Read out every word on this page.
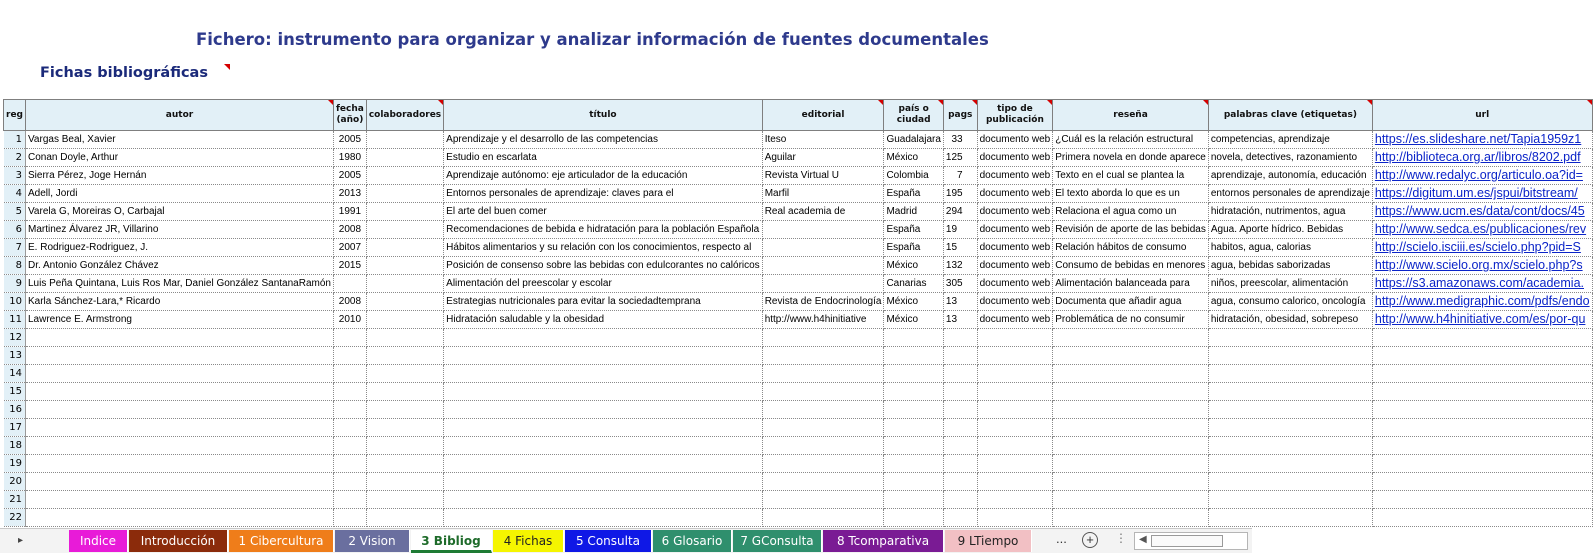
Fichero: instrumento para organizar y analizar información de fuentes documentales
Fichas bibliográficas
reg	autor	fecha (año)	colaboradores	título	editorial	país o ciudad	pags	tipo de publicación	reseña	palabras clave (etiquetas)	url

1	Vargas Beal, Xavier	2005		Aprendizaje y el desarrollo de las competencias	Iteso	Guadalajara	33	documento web	¿Cuál es la relación estructural	competencias, aprendizaje	https://es.slideshare.net/Tapia1959z1
2	Conan Doyle, Arthur	1980		Estudio en escarlata	Aguilar	México	125	documento web	Primera novela en donde aparece	novela, detectives, razonamiento	http://biblioteca.org.ar/libros/8202.pdf
3	Sierra Pérez, Joge Hernán	2005		Aprendizaje autónomo: eje articulador de la educación	Revista Virtual U	Colombia	7	documento web	Texto en el cual se plantea la	aprendizaje, autonomía, educación	http://www.redalyc.org/articulo.oa?id=
4	Adell, Jordi	2013		Entornos personales de aprendizaje: claves para el	Marfil	España	195	documento web	El texto aborda lo que es un	entornos personales de aprendizaje	https://digitum.um.es/jspui/bitstream/
5	Varela G, Moreiras O, Carbajal	1991		El arte del buen comer	Real academia de	Madrid	294	documento web	Relaciona el agua como un	hidratación, nutrimentos, agua	https://www.ucm.es/data/cont/docs/45
6	Martinez Álvarez JR, Villarino	2008		Recomendaciones de bebida e hidratación para la población Española		España	19	documento web	Revisión de aporte de las bebidas	Agua. Aporte hídrico. Bebidas	http://www.sedca.es/publicaciones/rev
7	E. Rodriguez-Rodriguez, J.	2007		Hábitos alimentarios y su relación con los conocimientos, respecto al		España	15	documento web	Relación hábitos de consumo	habitos, agua, calorias	http://scielo.isciii.es/scielo.php?pid=S
8	Dr. Antonio González Chávez	2015		Posición de consenso sobre las bebidas con edulcorantes no calóricos		México	132	documento web	Consumo de bebidas en menores	agua, bebidas saborizadas	http://www.scielo.org.mx/scielo.php?s
9	Luis Peña Quintana, Luis Ros Mar, Daniel González SantanaRamón			Alimentación del preescolar y escolar		Canarias	305	documento web	Alimentación balanceada para	niños, preescolar, alimentación	https://s3.amazonaws.com/academia.
10	Karla Sánchez-Lara,* Ricardo	2008		Estrategias nutricionales para evitar la sociedadtemprana	Revista de Endocrinología	México	13	documento web	Documenta que añadir agua	agua, consumo calorico, oncología	http://www.medigraphic.com/pdfs/endo
11	Lawrence E. Armstrong	2010		Hidratación saludable y la obesidad	http://www.h4hinitiative	México	13	documento web	Problemática de no consumir	hidratación, obesidad, sobrepeso	http://www.h4hinitiative.com/es/por-qu
12											
13											
14											
15											
16											
17											
18											
19											
20											
21											
22											
▸	Indice	Introducción	1 Cibercultura	2 Vision	3 Bibliog	4 Fichas	5 Consulta	6 Glosario	7 GConsulta	8 Tcomparativa	9 LTiempo	...	+	⋮ ◀
